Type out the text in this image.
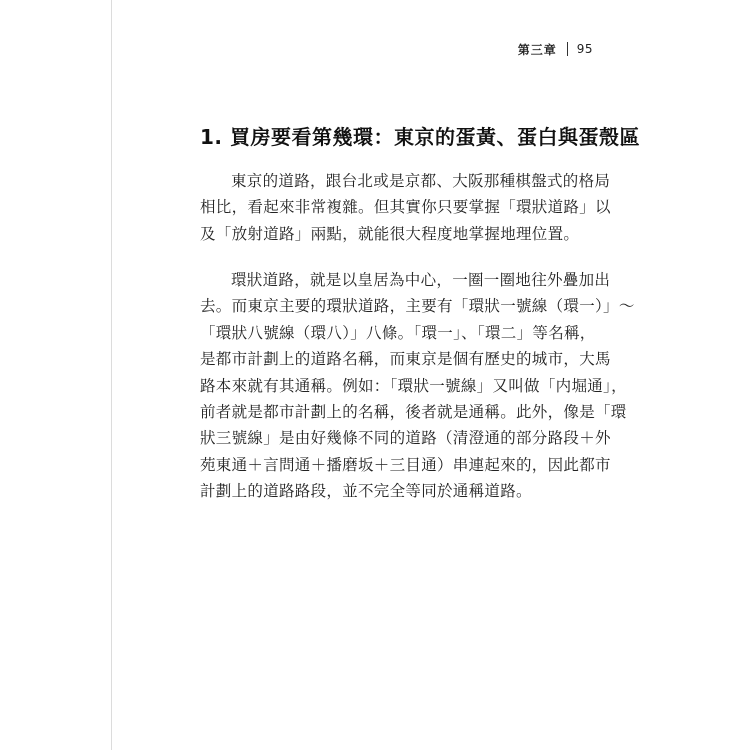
第三章 95
1. 買房要看第幾環：東京的蛋黃、蛋白與蛋殼區
東京的道路，跟台北或是京都、大阪那種棋盤式的格局
相比，看起來非常複雜。但其實你只要掌握「環狀道路」以
及「放射道路」兩點，就能很大程度地掌握地理位置。
環狀道路，就是以皇居為中心，一圈一圈地往外疊加出
去。而東京主要的環狀道路，主要有「環狀一號線（環一）」～
「環狀八號線（環八）」八條。「環一」、「環二」等名稱，
是都市計劃上的道路名稱，而東京是個有歷史的城市，大馬
路本來就有其通稱。例如：「環狀一號線」又叫做「内堀通」，
前者就是都市計劃上的名稱，後者就是通稱。此外，像是「環
狀三號線」是由好幾條不同的道路（清澄通的部分路段＋外
苑東通＋言問通＋播磨坂＋三目通）串連起來的，因此都市
計劃上的道路路段，並不完全等同於通稱道路。
